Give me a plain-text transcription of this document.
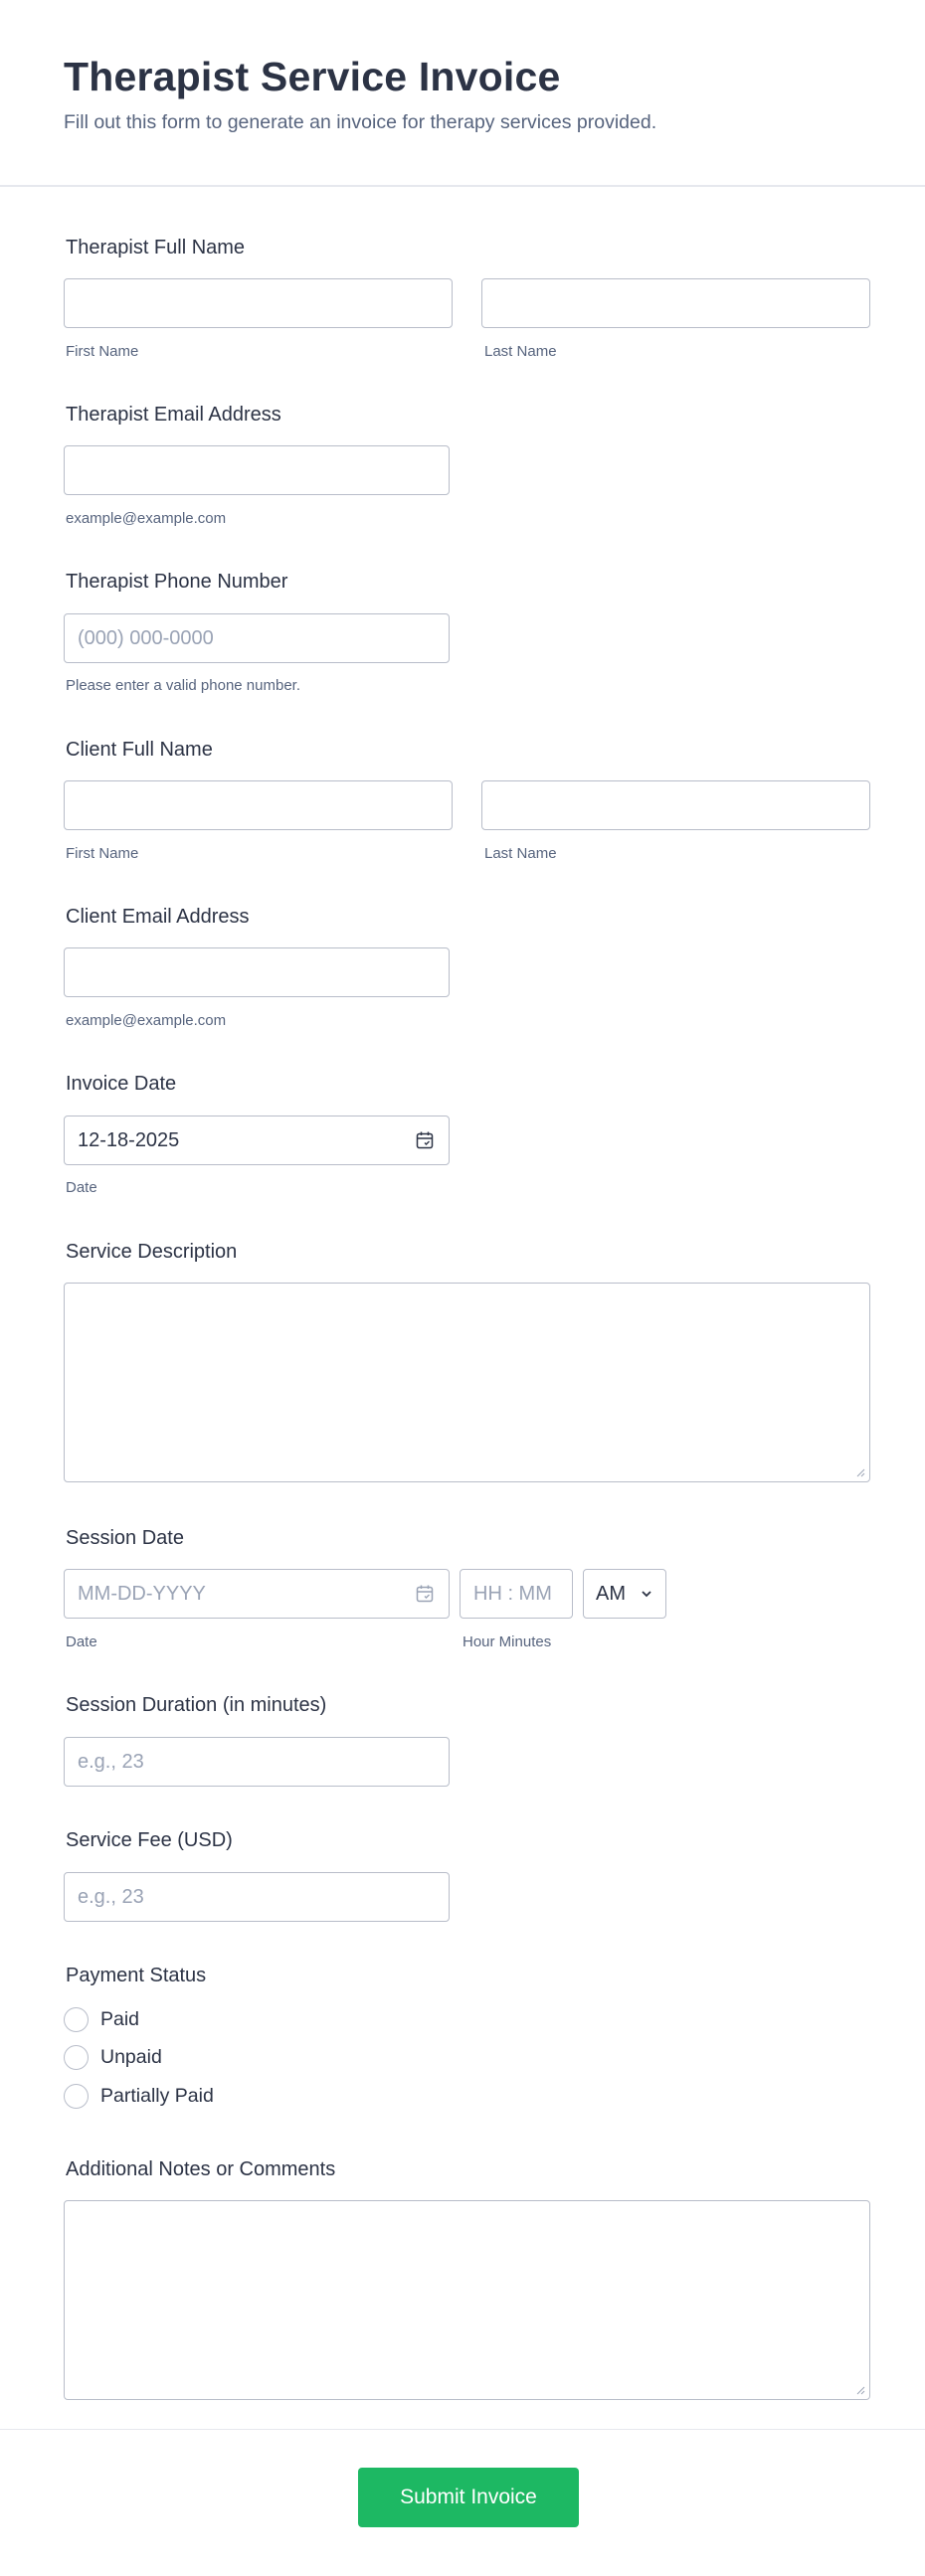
Therapist Service Invoice
Fill out this form to generate an invoice for therapy services provided.
Therapist Full Name
First Name	Last Name
Therapist Email Address
example@example.com
Therapist Phone Number
(000) 000-0000
Please enter a valid phone number.
Client Full Name
First Name	Last Name
Client Email Address
example@example.com
Invoice Date
12-18-2025
Date
Service Description
Session Date
MM-DD-YYYY	HH : MM AM
Date	Hour Minutes
Session Duration (in minutes)
e.g., 23
Service Fee (USD)
e.g., 23
Payment Status
Paid
Unpaid
Partially Paid
Additional Notes or Comments
Submit Invoice
